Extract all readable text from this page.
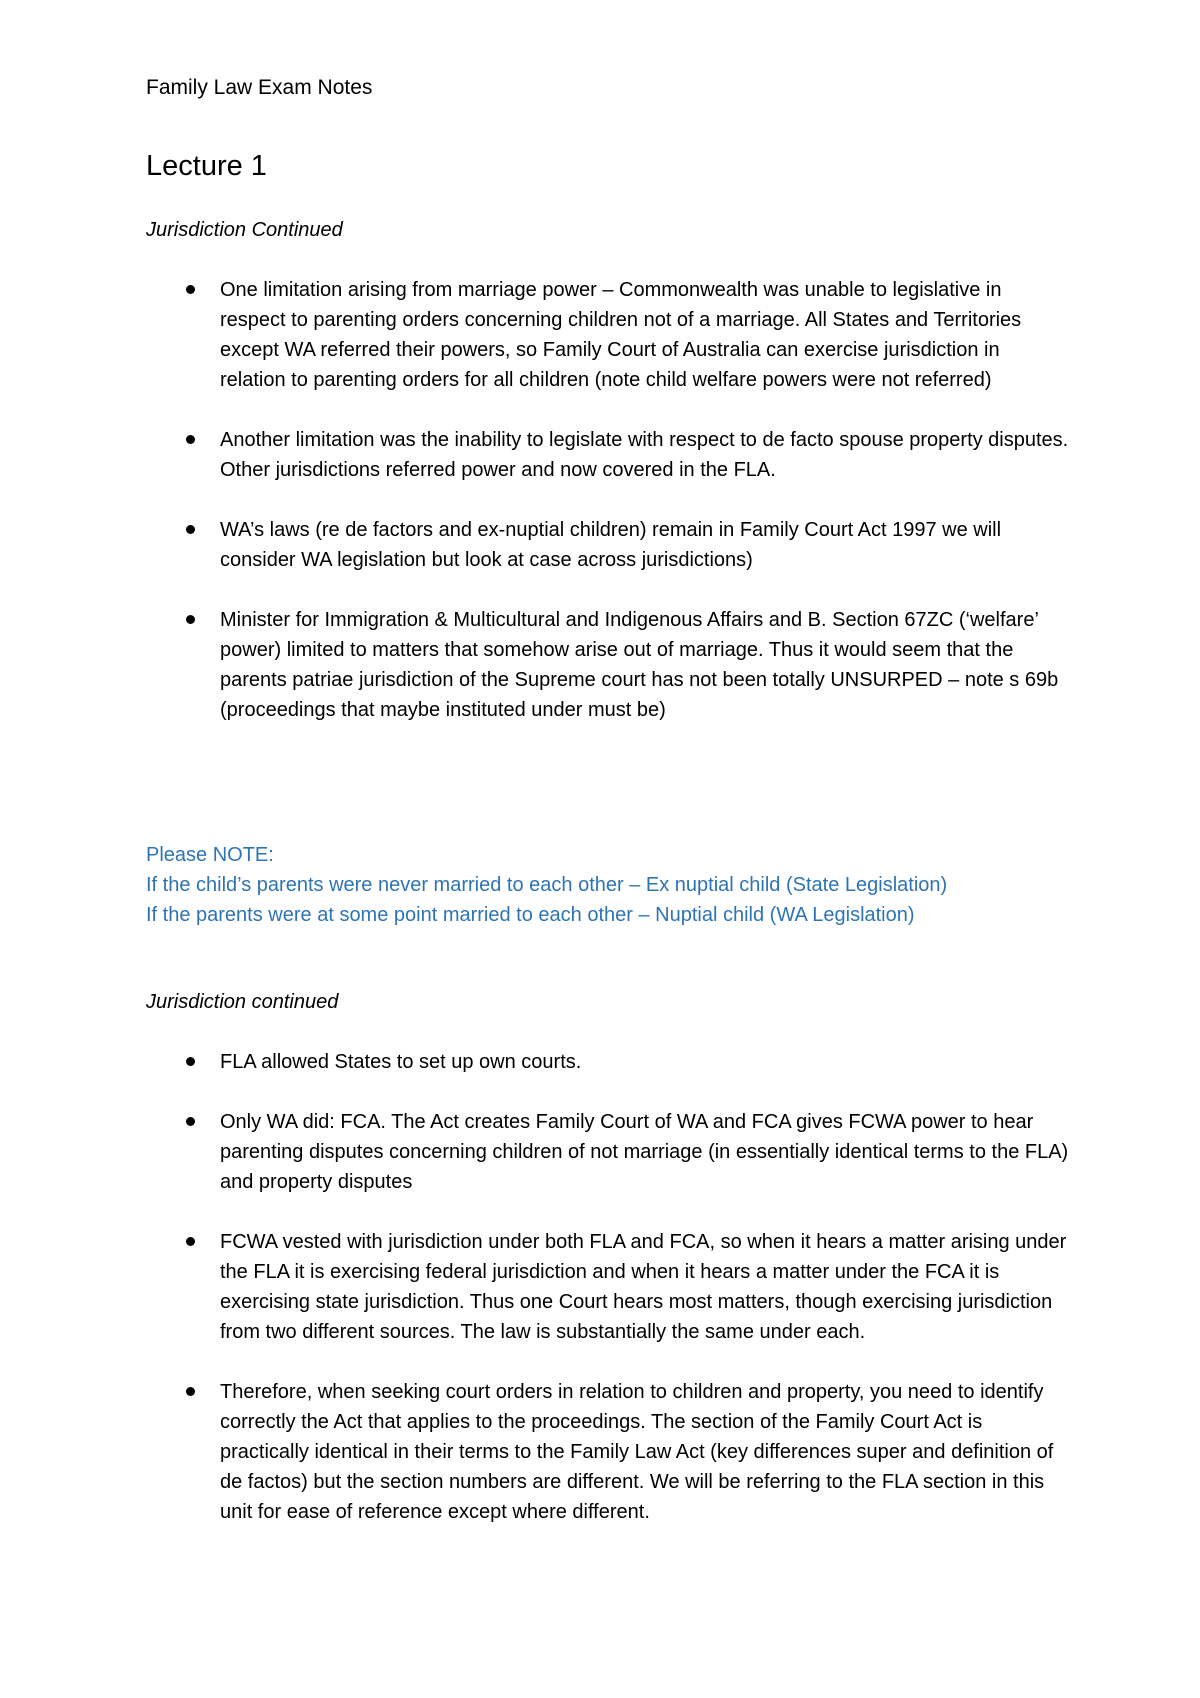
Family Law Exam Notes
Lecture 1
Jurisdiction Continued
One limitation arising from marriage power – Commonwealth was unable to legislative in respect to parenting orders concerning children not of a marriage. All States and Territories except WA referred their powers, so Family Court of Australia can exercise jurisdiction in relation to parenting orders for all children (note child welfare powers were not referred)
Another limitation was the inability to legislate with respect to de facto spouse property disputes. Other jurisdictions referred power and now covered in the FLA.
WA’s laws (re de factors and ex-nuptial children) remain in Family Court Act 1997 we will consider WA legislation but look at case across jurisdictions)
Minister for Immigration & Multicultural and Indigenous Affairs and B. Section 67ZC (‘welfare’ power) limited to matters that somehow arise out of marriage. Thus it would seem that the parents patriae jurisdiction of the Supreme court has not been totally UNSURPED – note s 69b (proceedings that maybe instituted under must be)
Please NOTE:
If the child’s parents were never married to each other – Ex nuptial child (State Legislation)
If the parents were at some point married to each other – Nuptial child (WA Legislation)
Jurisdiction continued
FLA allowed States to set up own courts.
Only WA did: FCA. The Act creates Family Court of WA and FCA gives FCWA power to hear parenting disputes concerning children of not marriage (in essentially identical terms to the FLA) and property disputes
FCWA vested with jurisdiction under both FLA and FCA, so when it hears a matter arising under the FLA it is exercising federal jurisdiction and when it hears a matter under the FCA it is exercising state jurisdiction. Thus one Court hears most matters, though exercising jurisdiction from two different sources. The law is substantially the same under each.
Therefore, when seeking court orders in relation to children and property, you need to identify correctly the Act that applies to the proceedings. The section of the Family Court Act is practically identical in their terms to the Family Law Act (key differences super and definition of de factos) but the section numbers are different. We will be referring to the FLA section in this unit for ease of reference except where different.
